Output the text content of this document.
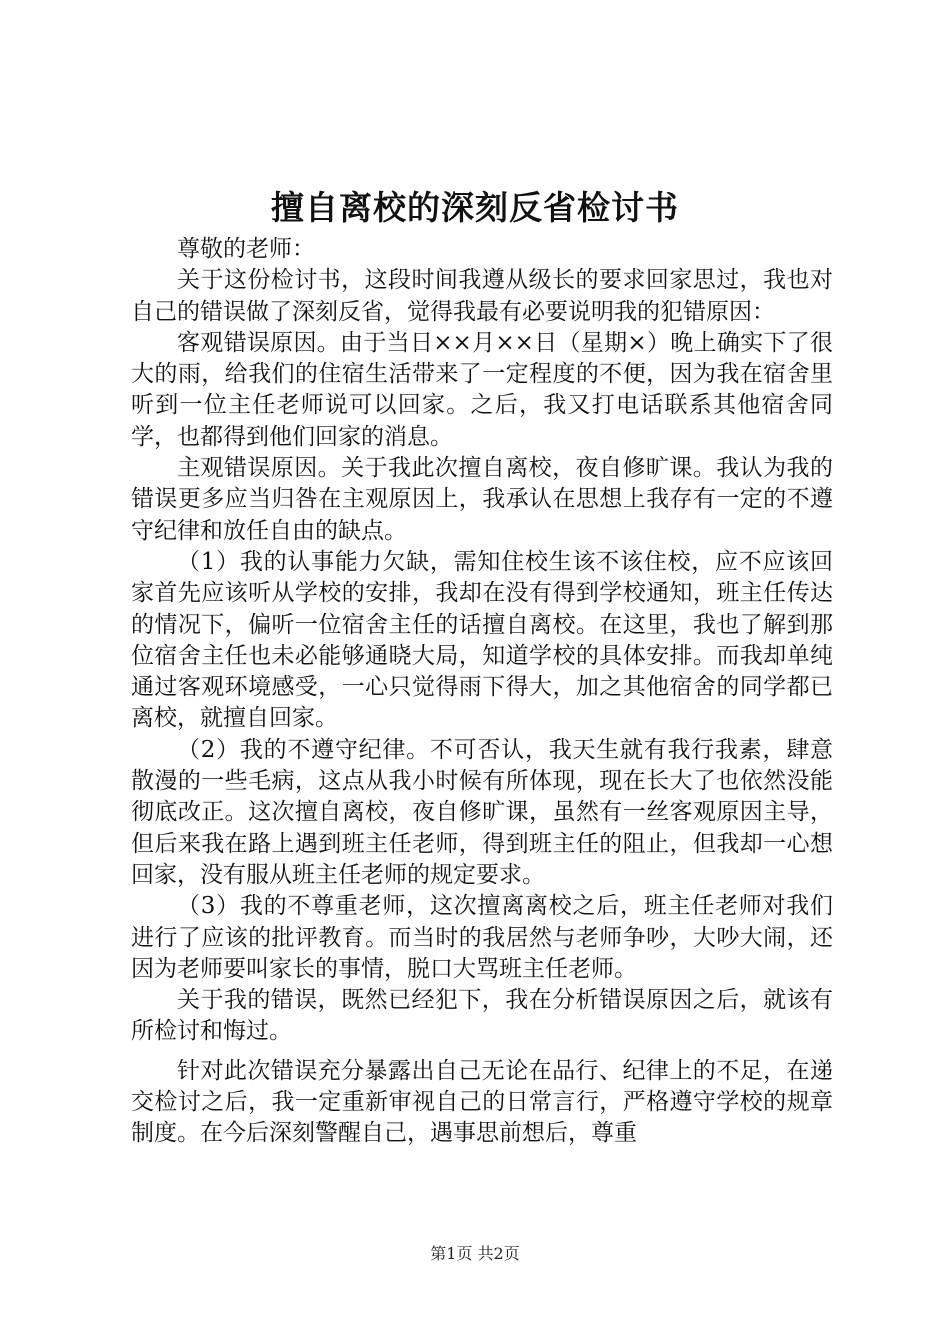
擅自离校的深刻反省检讨书

尊敬的老师：

关于这份检讨书，这段时间我遵从级长的要求回家思过，我也对自己的错误做了深刻反省，觉得我最有必要说明我的犯错原因：

客观错误原因。由于当日××月××日（星期×）晚上确实下了很大的雨，给我们的住宿生活带来了一定程度的不便，因为我在宿舍里听到一位主任老师说可以回家。之后，我又打电话联系其他宿舍同学，也都得到他们回家的消息。

主观错误原因。关于我此次擅自离校，夜自修旷课。我认为我的错误更多应当归咎在主观原因上，我承认在思想上我存有一定的不遵守纪律和放任自由的缺点。

（1）我的认事能力欠缺，需知住校生该不该住校，应不应该回家首先应该听从学校的安排，我却在没有得到学校通知，班主任传达的情况下，偏听一位宿舍主任的话擅自离校。在这里，我也了解到那位宿舍主任也未必能够通晓大局，知道学校的具体安排。而我却单纯通过客观环境感受，一心只觉得雨下得大，加之其他宿舍的同学都已离校，就擅自回家。

（2）我的不遵守纪律。不可否认，我天生就有我行我素，肆意散漫的一些毛病，这点从我小时候有所体现，现在长大了也依然没能彻底改正。这次擅自离校，夜自修旷课，虽然有一丝客观原因主导，但后来我在路上遇到班主任老师，得到班主任的阻止，但我却一心想回家，没有服从班主任老师的规定要求。

（3）我的不尊重老师，这次擅离离校之后，班主任老师对我们进行了应该的批评教育。而当时的我居然与老师争吵，大吵大闹，还因为老师要叫家长的事情，脱口大骂班主任老师。

关于我的错误，既然已经犯下，我在分析错误原因之后，就该有所检讨和悔过。

针对此次错误充分暴露出自己无论在品行、纪律上的不足，在递交检讨之后，我一定重新审视自己的日常言行，严格遵守学校的规章制度。在今后深刻警醒自己，遇事思前想后，尊重

第1页 共2页
